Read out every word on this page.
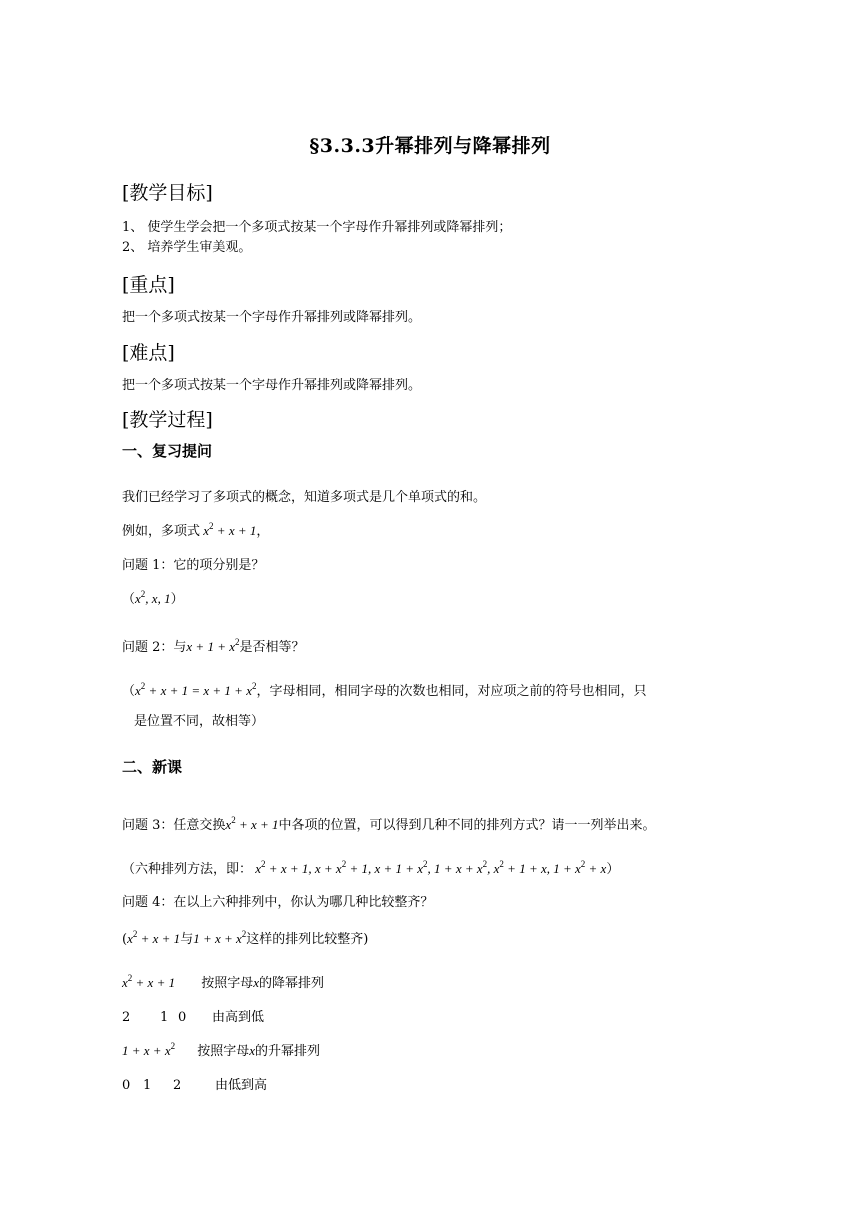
§3.3.3升幂排列与降幂排列
[教学目标]
1、 使学生学会把一个多项式按某一个字母作升幂排列或降幂排列；
2、 培养学生审美观。
[重点]
把一个多项式按某一个字母作升幂排列或降幂排列。
[难点]
把一个多项式按某一个字母作升幂排列或降幂排列。
[教学过程]
一、复习提问
我们已经学习了多项式的概念，知道多项式是几个单项式的和。
例如，多项式 $x^2 + x + 1$，
问题 1：它的项分别是？
（$x^2$, x, 1）
问题 2：与$x + 1 + x^2$是否相等？
（$x^2 + x + 1 = x + 1 + x^2$，字母相同，相同字母的次数也相同，对应项之前的符号也相同，只
是位置不同，故相等）
二、新课
问题 3：任意交换$x^2 + x + 1$中各项的位置，可以得到几种不同的排列方式？请一一列举出来。
（六种排列方法，即： $x^2 + x + 1$, $x + x^2 + 1$, $x + 1 + x^2$, $1 + x + x^2$, $x^2 + 1 + x$, $1 + x^2 + x$）
问题 4：在以上六种排列中，你认为哪几种比较整齐？
($x^2 + x + 1$与$1 + x + x^2$这样的排列比较整齐)
$x^2 + x + 1$ 按照字母x的降幂排列
2 1 0 由高到低
$1 + x + x^2$ 按照字母x的升幂排列
0 1 2	由低到高
